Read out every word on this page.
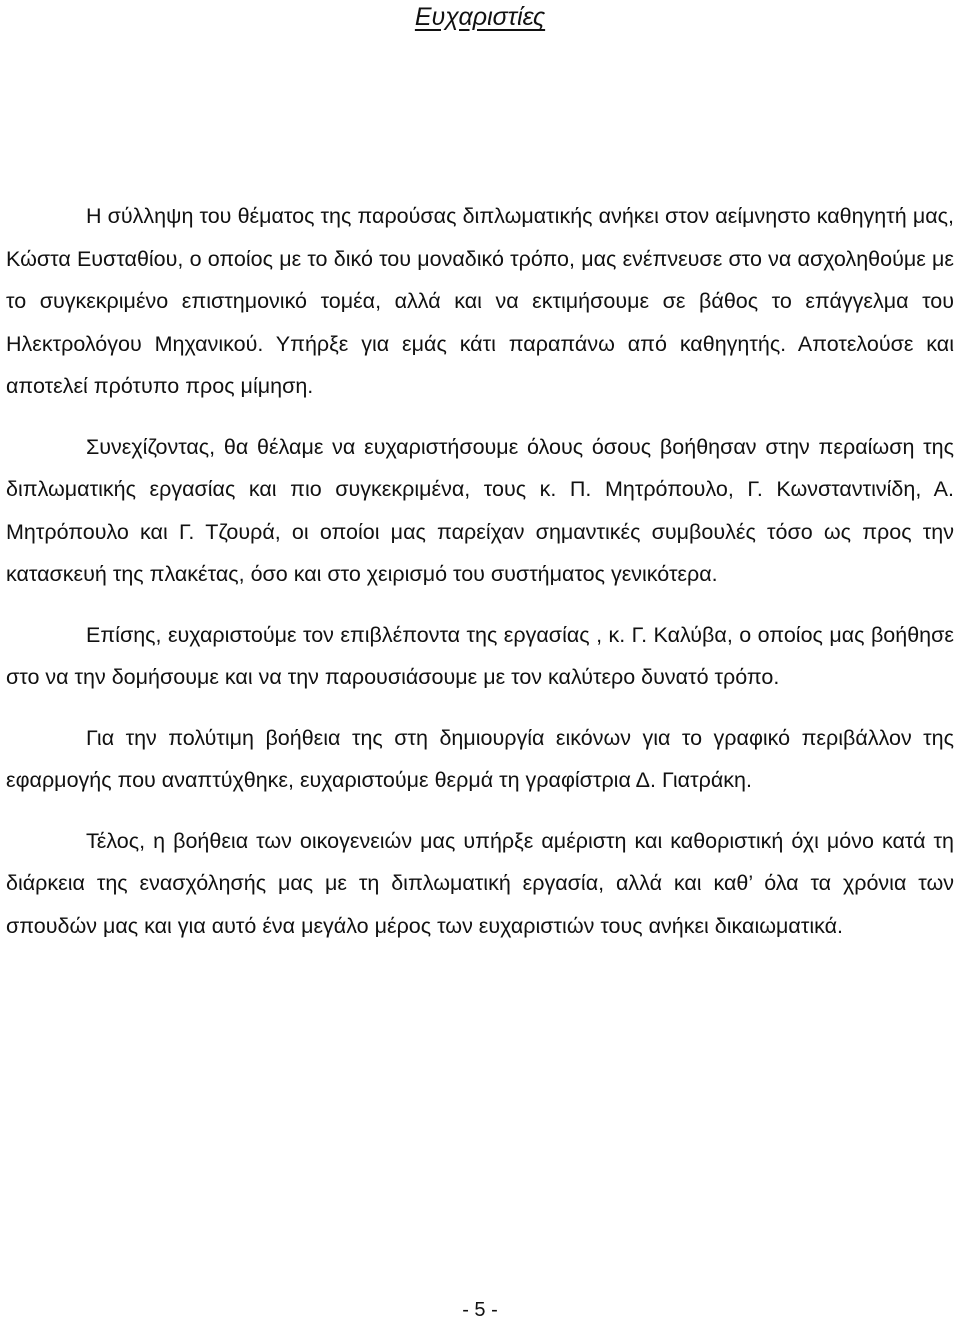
Ευχαριστίες

Η σύλληψη του θέματος της παρούσας διπλωματικής ανήκει στον αείμνηστο καθηγητή μας, Κώστα Ευσταθίου, ο οποίος με το δικό του μοναδικό τρόπο, μας ενέπνευσε στο να ασχοληθούμε με το συγκεκριμένο επιστημονικό τομέα, αλλά και να εκτιμήσουμε σε βάθος το επάγγελμα του Ηλεκτρολόγου Μηχανικού. Υπήρξε για εμάς κάτι παραπάνω από καθηγητής. Αποτελούσε και αποτελεί πρότυπο προς μίμηση.

Συνεχίζοντας, θα θέλαμε να ευχαριστήσουμε όλους όσους βοήθησαν στην περαίωση της διπλωματικής εργασίας και πιο συγκεκριμένα, τους κ. Π. Μητρόπουλο, Γ. Κωνσταντινίδη, Α. Μητρόπουλο και Γ. Τζουρά, οι οποίοι μας παρείχαν σημαντικές συμβουλές τόσο ως προς την κατασκευή της πλακέτας, όσο και στο χειρισμό του συστήματος γενικότερα.

Επίσης, ευχαριστούμε τον επιβλέποντα της εργασίας , κ. Γ. Καλύβα, ο οποίος μας βοήθησε στο να την δομήσουμε και να την παρουσιάσουμε με τον καλύτερο δυνατό τρόπο.

Για την πολύτιμη βοήθεια της στη δημιουργία εικόνων για το γραφικό περιβάλλον της εφαρμογής που αναπτύχθηκε, ευχαριστούμε θερμά τη γραφίστρια Δ. Γιατράκη.

Τέλος, η βοήθεια των οικογενειών μας υπήρξε αμέριστη και καθοριστική όχι μόνο κατά τη διάρκεια της ενασχόλησής μας με τη διπλωματική εργασία, αλλά και καθ’ όλα τα χρόνια των σπουδών μας και για αυτό ένα μεγάλο μέρος των ευχαριστιών τους ανήκει δικαιωματικά.

- 5 -
